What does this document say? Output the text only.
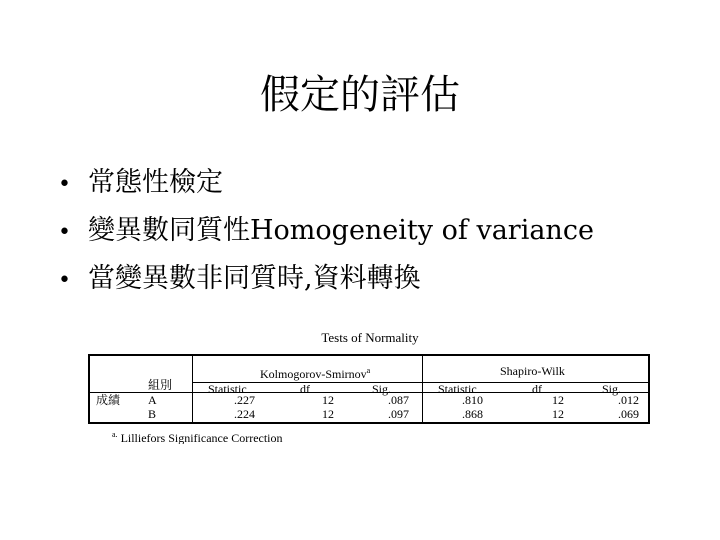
假定的評估
• 常態性檢定
• 變異數同質性Homogeneity of variance
• 當變異數非同質時,資料轉換
Tests of Normality
Kolmogorov-Smirnov$^a$	Shapiro-Wilk
組別	Statistic	df	Sig.	Statistic	df	Sig.
成績 A	.227	12	.087	.810	12	.012
B	.224	12	.097	.868	12	.069
$^{a.}$ Lilliefors Significance Correction
